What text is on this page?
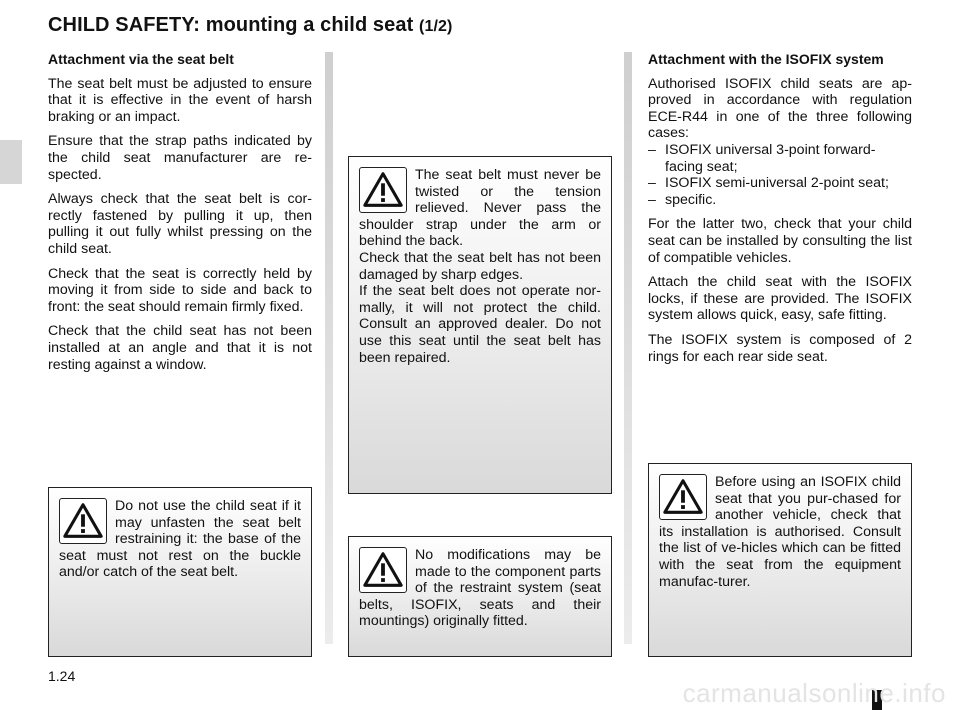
CHILD SAFETY: mounting a child seat (1/2)
Attachment via the seat belt

The seat belt must be adjusted to ensure that it is effective in the event of harsh braking or an impact.

Ensure that the strap paths indicated by the child seat manufacturer are re-spected.

Always check that the seat belt is cor-rectly fastened by pulling it up, then pulling it out fully whilst pressing on the child seat.

Check that the seat is correctly held by moving it from side to side and back to front: the seat should remain firmly fixed.

Check that the child seat has not been installed at an angle and that it is not resting against a window.

Attachment with the ISOFIX system

Authorised ISOFIX child seats are ap-proved in accordance with regulation ECE-R44 in one of the three following cases:

– ISOFIX universal 3-point forward-facing seat;
– ISOFIX semi-universal 2-point seat;
– specific.

For the latter two, check that your child seat can be installed by consulting the list of compatible vehicles.

Attach the child seat with the ISOFIX locks, if these are provided. The ISOFIX system allows quick, easy, safe fitting.

The ISOFIX system is composed of 2 rings for each rear side seat.

The seat belt must never be twisted or the tension relieved. Never pass the shoulder strap under the arm or behind the back.
Check that the seat belt has not been damaged by sharp edges.
If the seat belt does not operate nor-mally, it will not protect the child. Consult an approved dealer. Do not use this seat until the seat belt has been repaired.
Do not use the child seat if it may unfasten the seat belt restraining it: the base of the seat must not rest on the buckle and/or catch of the seat belt.
No modifications may be made to the component parts of the restraint system (seat belts, ISOFIX, seats and their mountings) originally fitted.
Before using an ISOFIX child seat that you pur-chased for another vehicle, check that its installation is authorised. Consult the list of ve-hicles which can be fitted with the seat from the equipment manufac-turer.
1.24
carmanualsonline.info
